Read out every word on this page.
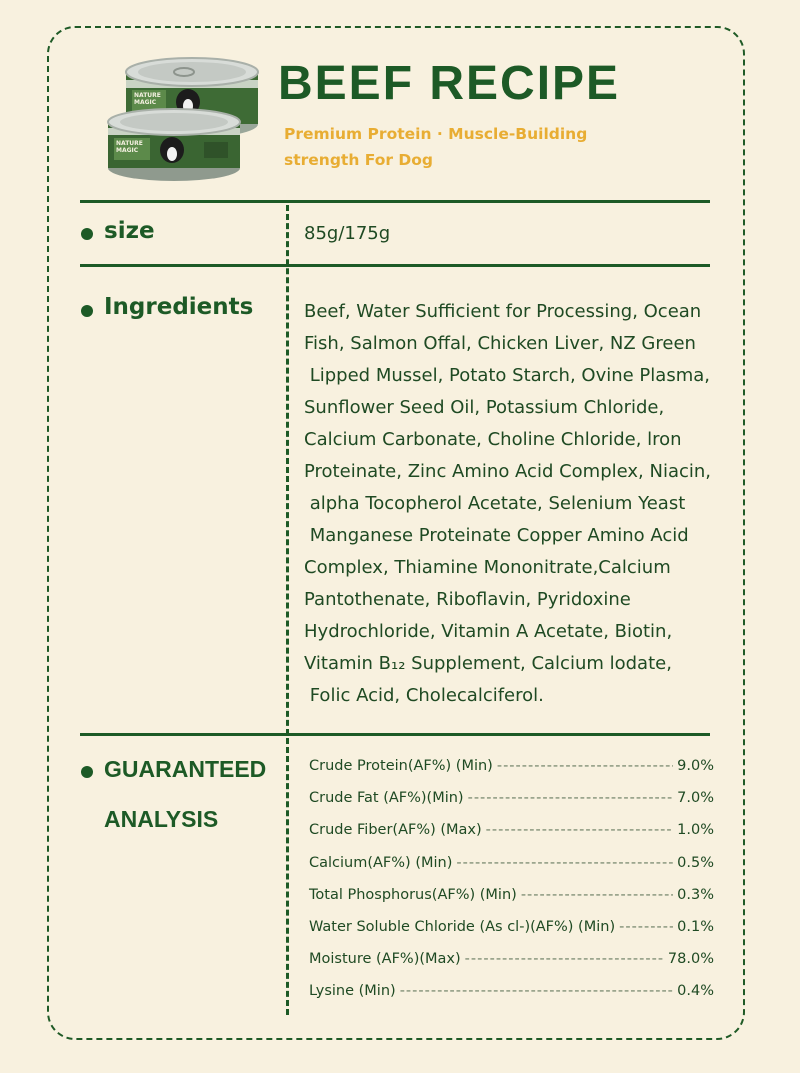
NATURE
MAGIC
NATURE
MAGIC
BEEF RECIPE
Premium Protein · Muscle-Building
strength For Dog
size	85g/175g
Ingredients	Beef, Water Sufficient for Processing, Ocean
Fish, Salmon Offal, Chicken Liver, NZ Green
Lipped Mussel, Potato Starch, Ovine Plasma,
Sunflower Seed Oil, Potassium Chloride,
Calcium Carbonate, Choline Chloride, lron
Proteinate, Zinc Amino Acid Complex, Niacin,
alpha Tocopherol Acetate, Selenium Yeast
Manganese Proteinate Copper Amino Acid
Complex, Thiamine Mononitrate,Calcium
Pantothenate, Riboflavin, Pyridoxine
Hydrochloride, Vitamin A Acetate, Biotin,
Vitamin B₁₂ Supplement, Calcium lodate,
Folic Acid, Cholecalciferol.
GUARANTEED
ANALYSIS
Crude Protein(AF%) (Min) -----	9.0%
Crude Fat (AF%)(Min) -----	7.0%
Crude Fiber(AF%) (Max) -----	1.0%
Calcium(AF%) (Min) -----	0.5%
Total Phosphorus(AF%) (Min) -----	0.3%
Water Soluble Chloride (As cl-)(AF%) (Min) -----	0.1%
Moisture (AF%)(Max) -----	78.0%
Lysine (Min) -----	0.4%
